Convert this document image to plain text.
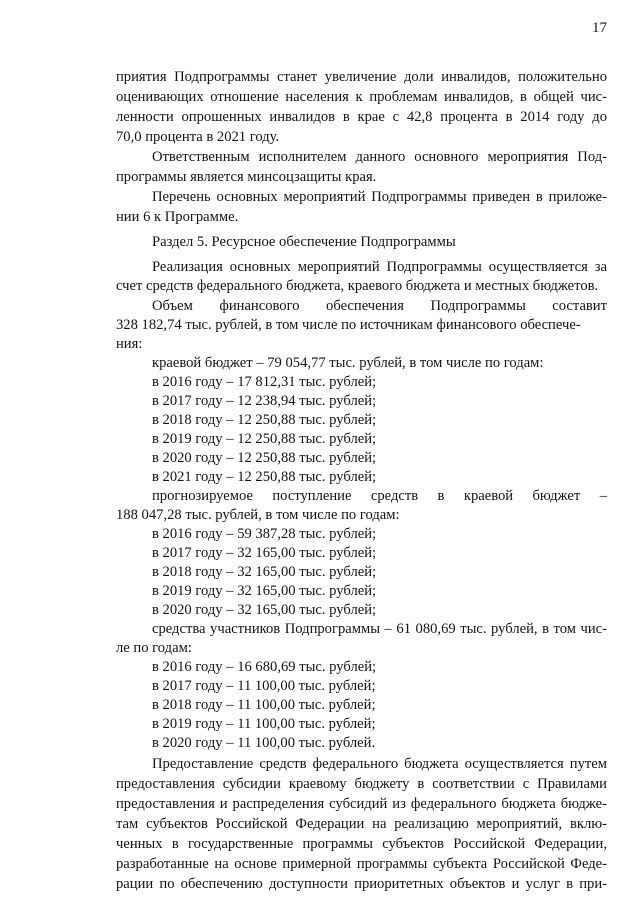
17
приятия Подпрограммы станет увеличение доли инвалидов, положительно
оценивающих отношение населения к проблемам инвалидов, в общей чис-
ленности опрошенных инвалидов в крае с 42,8 процента в 2014 году до
70,0 процента в 2021 году.
Ответственным исполнителем данного основного мероприятия Под-
программы является минсоцзащиты края.
Перечень основных мероприятий Подпрограммы приведен в приложе-
нии 6 к Программе.
Раздел 5. Ресурсное обеспечение Подпрограммы
Реализация основных мероприятий Подпрограммы осуществляется за
счет средств федерального бюджета, краевого бюджета и местных бюджетов.
Объем финансового обеспечения Подпрограммы составит
328 182,74 тыс. рублей, в том числе по источникам финансового обеспече-
ния:
краевой бюджет – 79 054,77 тыс. рублей, в том числе по годам:
в 2016 году – 17 812,31 тыс. рублей;
в 2017 году – 12 238,94 тыс. рублей;
в 2018 году – 12 250,88 тыс. рублей;
в 2019 году – 12 250,88 тыс. рублей;
в 2020 году – 12 250,88 тыс. рублей;
в 2021 году – 12 250,88 тыс. рублей;
прогнозируемое поступление средств в краевой бюджет –
188 047,28 тыс. рублей, в том числе по годам:
в 2016 году – 59 387,28 тыс. рублей;
в 2017 году – 32 165,00 тыс. рублей;
в 2018 году – 32 165,00 тыс. рублей;
в 2019 году – 32 165,00 тыс. рублей;
в 2020 году – 32 165,00 тыс. рублей;
средства участников Подпрограммы – 61 080,69 тыс. рублей, в том чис-
ле по годам:
в 2016 году – 16 680,69 тыс. рублей;
в 2017 году – 11 100,00 тыс. рублей;
в 2018 году – 11 100,00 тыс. рублей;
в 2019 году – 11 100,00 тыс. рублей;
в 2020 году – 11 100,00 тыс. рублей.
Предоставление средств федерального бюджета осуществляется путем
предоставления субсидии краевому бюджету в соответствии с Правилами
предоставления и распределения субсидий из федерального бюджета бюдже-
там субъектов Российской Федерации на реализацию мероприятий, вклю-
ченных в государственные программы субъектов Российской Федерации,
разработанные на основе примерной программы субъекта Российской Феде-
рации по обеспечению доступности приоритетных объектов и услуг в при-
